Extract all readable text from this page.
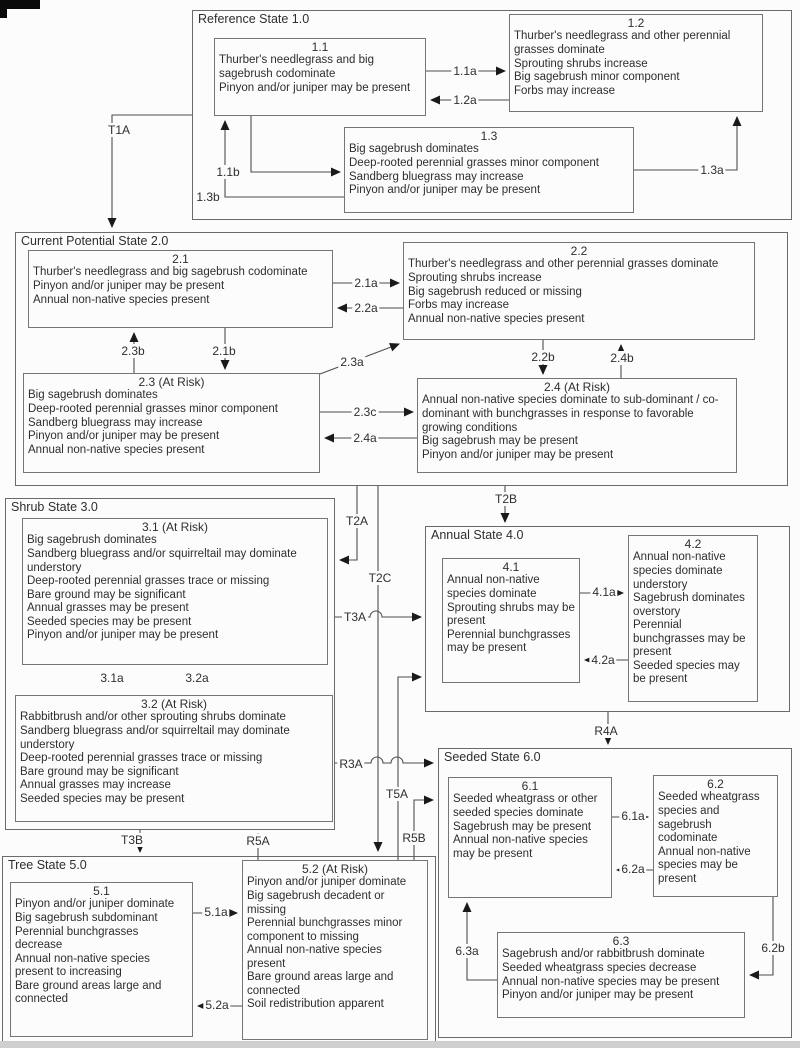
Reference State 1.0
Current Potential State 2.0
Shrub State 3.0
Annual State 4.0
Tree State 5.0
Seeded State 6.0
1.1
Thurber's needlegrass and big sagebrush codominate
Pinyon and/or juniper may be present
1.2
Thurber's needlegrass and other perennial grasses dominate
Sprouting shrubs increase
Big sagebrush minor component
Forbs may increase
1.3
Big sagebrush dominates
Deep-rooted perennial grasses minor component
Sandberg bluegrass may increase
Pinyon and/or juniper may be present
2.1
Thurber's needlegrass and big sagebrush codominate
Pinyon and/or juniper may be present
Annual non-native species present
2.2
Thurber's needlegrass and other perennial grasses dominate
Sprouting shrubs increase
Big sagebrush reduced or missing
Forbs may increase
Annual non-native species present
2.3 (At Risk)
Big sagebrush dominates
Deep-rooted perennial grasses minor component
Sandberg bluegrass may increase
Pinyon and/or juniper may be present
Annual non-native species present
2.4 (At Risk)
Annual non-native species dominate to sub-dominant / co-dominant with bunchgrasses in response to favorable growing conditions
Big sagebrush may be present
Pinyon and/or juniper may be present
3.1 (At Risk)
Big sagebrush dominates
Sandberg bluegrass and/or squirreltail may dominate understory
Deep-rooted perennial grasses trace or missing
Bare ground may be significant
Annual grasses may be present
Seeded species may be present
Pinyon and/or juniper may be present
3.2 (At Risk)
Rabbitbrush and/or other sprouting shrubs dominate
Sandberg bluegrass and/or squirreltail may dominate understory
Deep-rooted perennial grasses trace or missing
Bare ground may be significant
Annual grasses may increase
Seeded species may be present
4.1
Annual non-native species dominate
Sprouting shrubs may be present
Perennial bunchgrasses may be present
4.2
Annual non-native species dominate understory
Sagebrush dominates overstory
Perennial bunchgrasses may be present
Seeded species may be present
5.1
Pinyon and/or juniper dominate
Big sagebrush subdominant
Perennial bunchgrasses decrease
Annual non-native species present to increasing
Bare ground areas large and connected
5.2 (At Risk)
Pinyon and/or juniper dominate
Big sagebrush decadent or missing
Perennial bunchgrasses minor component to missing
Annual non-native species present
Bare ground areas large and connected
Soil redistribution apparent
6.1
Seeded wheatgrass or other seeded species dominate
Sagebrush may be present
Annual non-native species may be present
6.2
Seeded wheatgrass species and sagebrush codominate
Annual non-native species may be present
6.3
Sagebrush and/or rabbitbrush dominate
Seeded wheatgrass species decrease
Annual non-native species may be present
Pinyon and/or juniper may be present
T1A
1.1a
1.2a
1.1b
1.3b
1.3a
2.1a
2.2a
2.3b	2.1b
2.3a	2.2b	2.4b
2.3c
2.4a
T2A
T2B
T2C
T3A
3.1a	3.2a
4.1a
4.2a
R3A
T5A
R5B
T3B	R5A
R4A
5.1a
5.2a
6.1a
6.2a
6.3a	6.2b
